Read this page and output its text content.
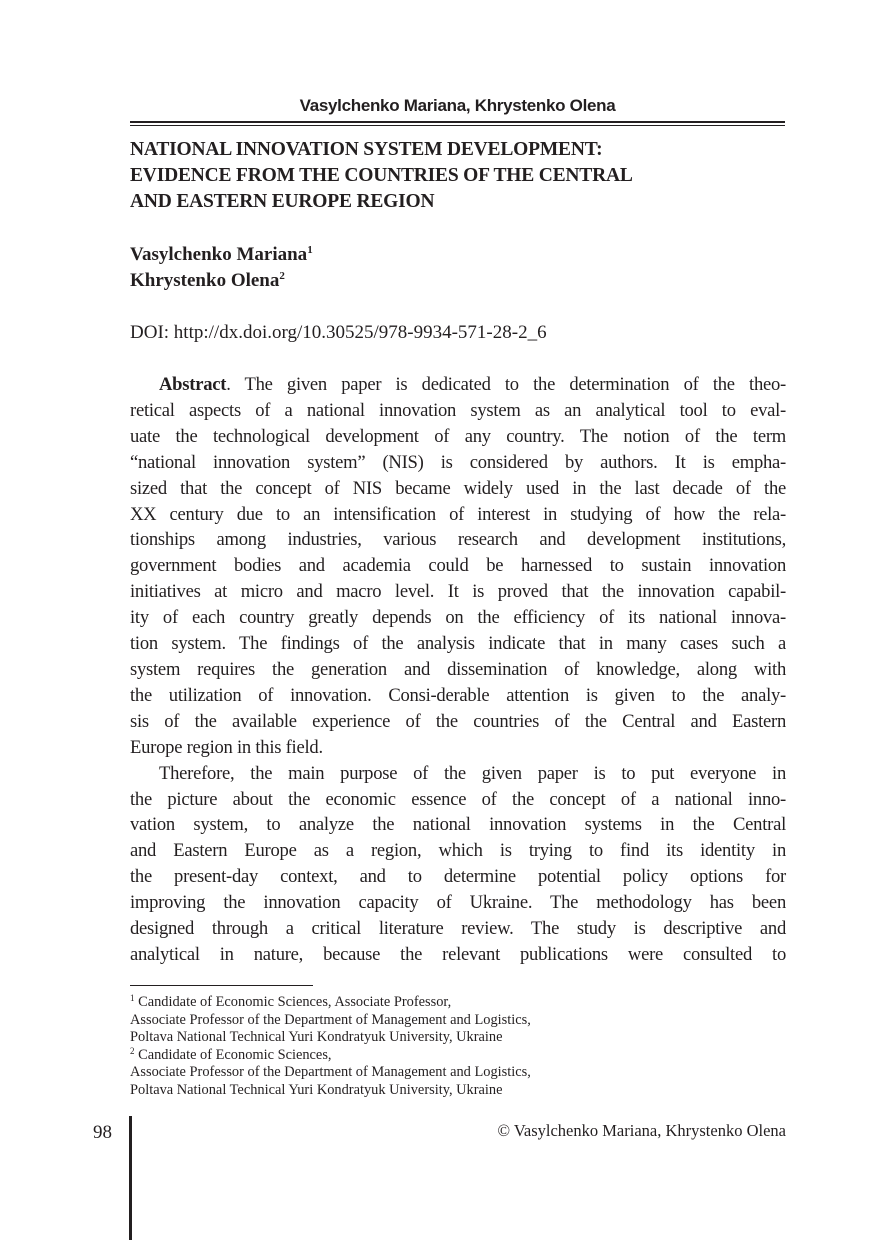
Vasylchenko Mariana, Khrystenko Olena
NATIONAL INNOVATION SYSTEM DEVELOPMENT:
EVIDENCE FROM THE COUNTRIES OF THE CENTRAL
AND EASTERN EUROPE REGION
Vasylchenko Mariana$^1$
Khrystenko Olena$^2$
DOI: http://dx.doi.org/10.30525/978-9934-571-28-2_6
Abstract. The given paper is dedicated to the determination of the theo-
retical aspects of a national innovation system as an analytical tool to eval-
uate the technological development of any country. The notion of the term
“national innovation system” (NIS) is considered by authors. It is empha-
sized that the concept of NIS became widely used in the last decade of the
XX century due to an intensification of interest in studying of how the rela-
tionships among industries, various research and development institutions,
government bodies and academia could be harnessed to sustain innovation
initiatives at micro and macro level. It is proved that the innovation capabil-
ity of each country greatly depends on the efficiency of its national innova-
tion system. The findings of the analysis indicate that in many cases such a
system requires the generation and dissemination of knowledge, along with
the utilization of innovation. Consi-derable attention is given to the analy-
sis of the available experience of the countries of the Central and Eastern
Europe region in this field.
Therefore, the main purpose of the given paper is to put everyone in
the picture about the economic essence of the concept of a national inno-
vation system, to analyze the national innovation systems in the Central
and Eastern Europe as a region, which is trying to find its identity in
the present-day context, and to determine potential policy options for
improving the innovation capacity of Ukraine. The methodology has been
designed through a critical literature review. The study is descriptive and
analytical in nature, because the relevant publications were consulted to
$^1$ Candidate of Economic Sciences, Associate Professor,
Associate Professor of the Department of Management and Logistics,
Poltava National Technical Yuri Kondratyuk University, Ukraine
$^2$ Candidate of Economic Sciences,
Associate Professor of the Department of Management and Logistics,
Poltava National Technical Yuri Kondratyuk University, Ukraine
98	© Vasylchenko Mariana, Khrystenko Olena
